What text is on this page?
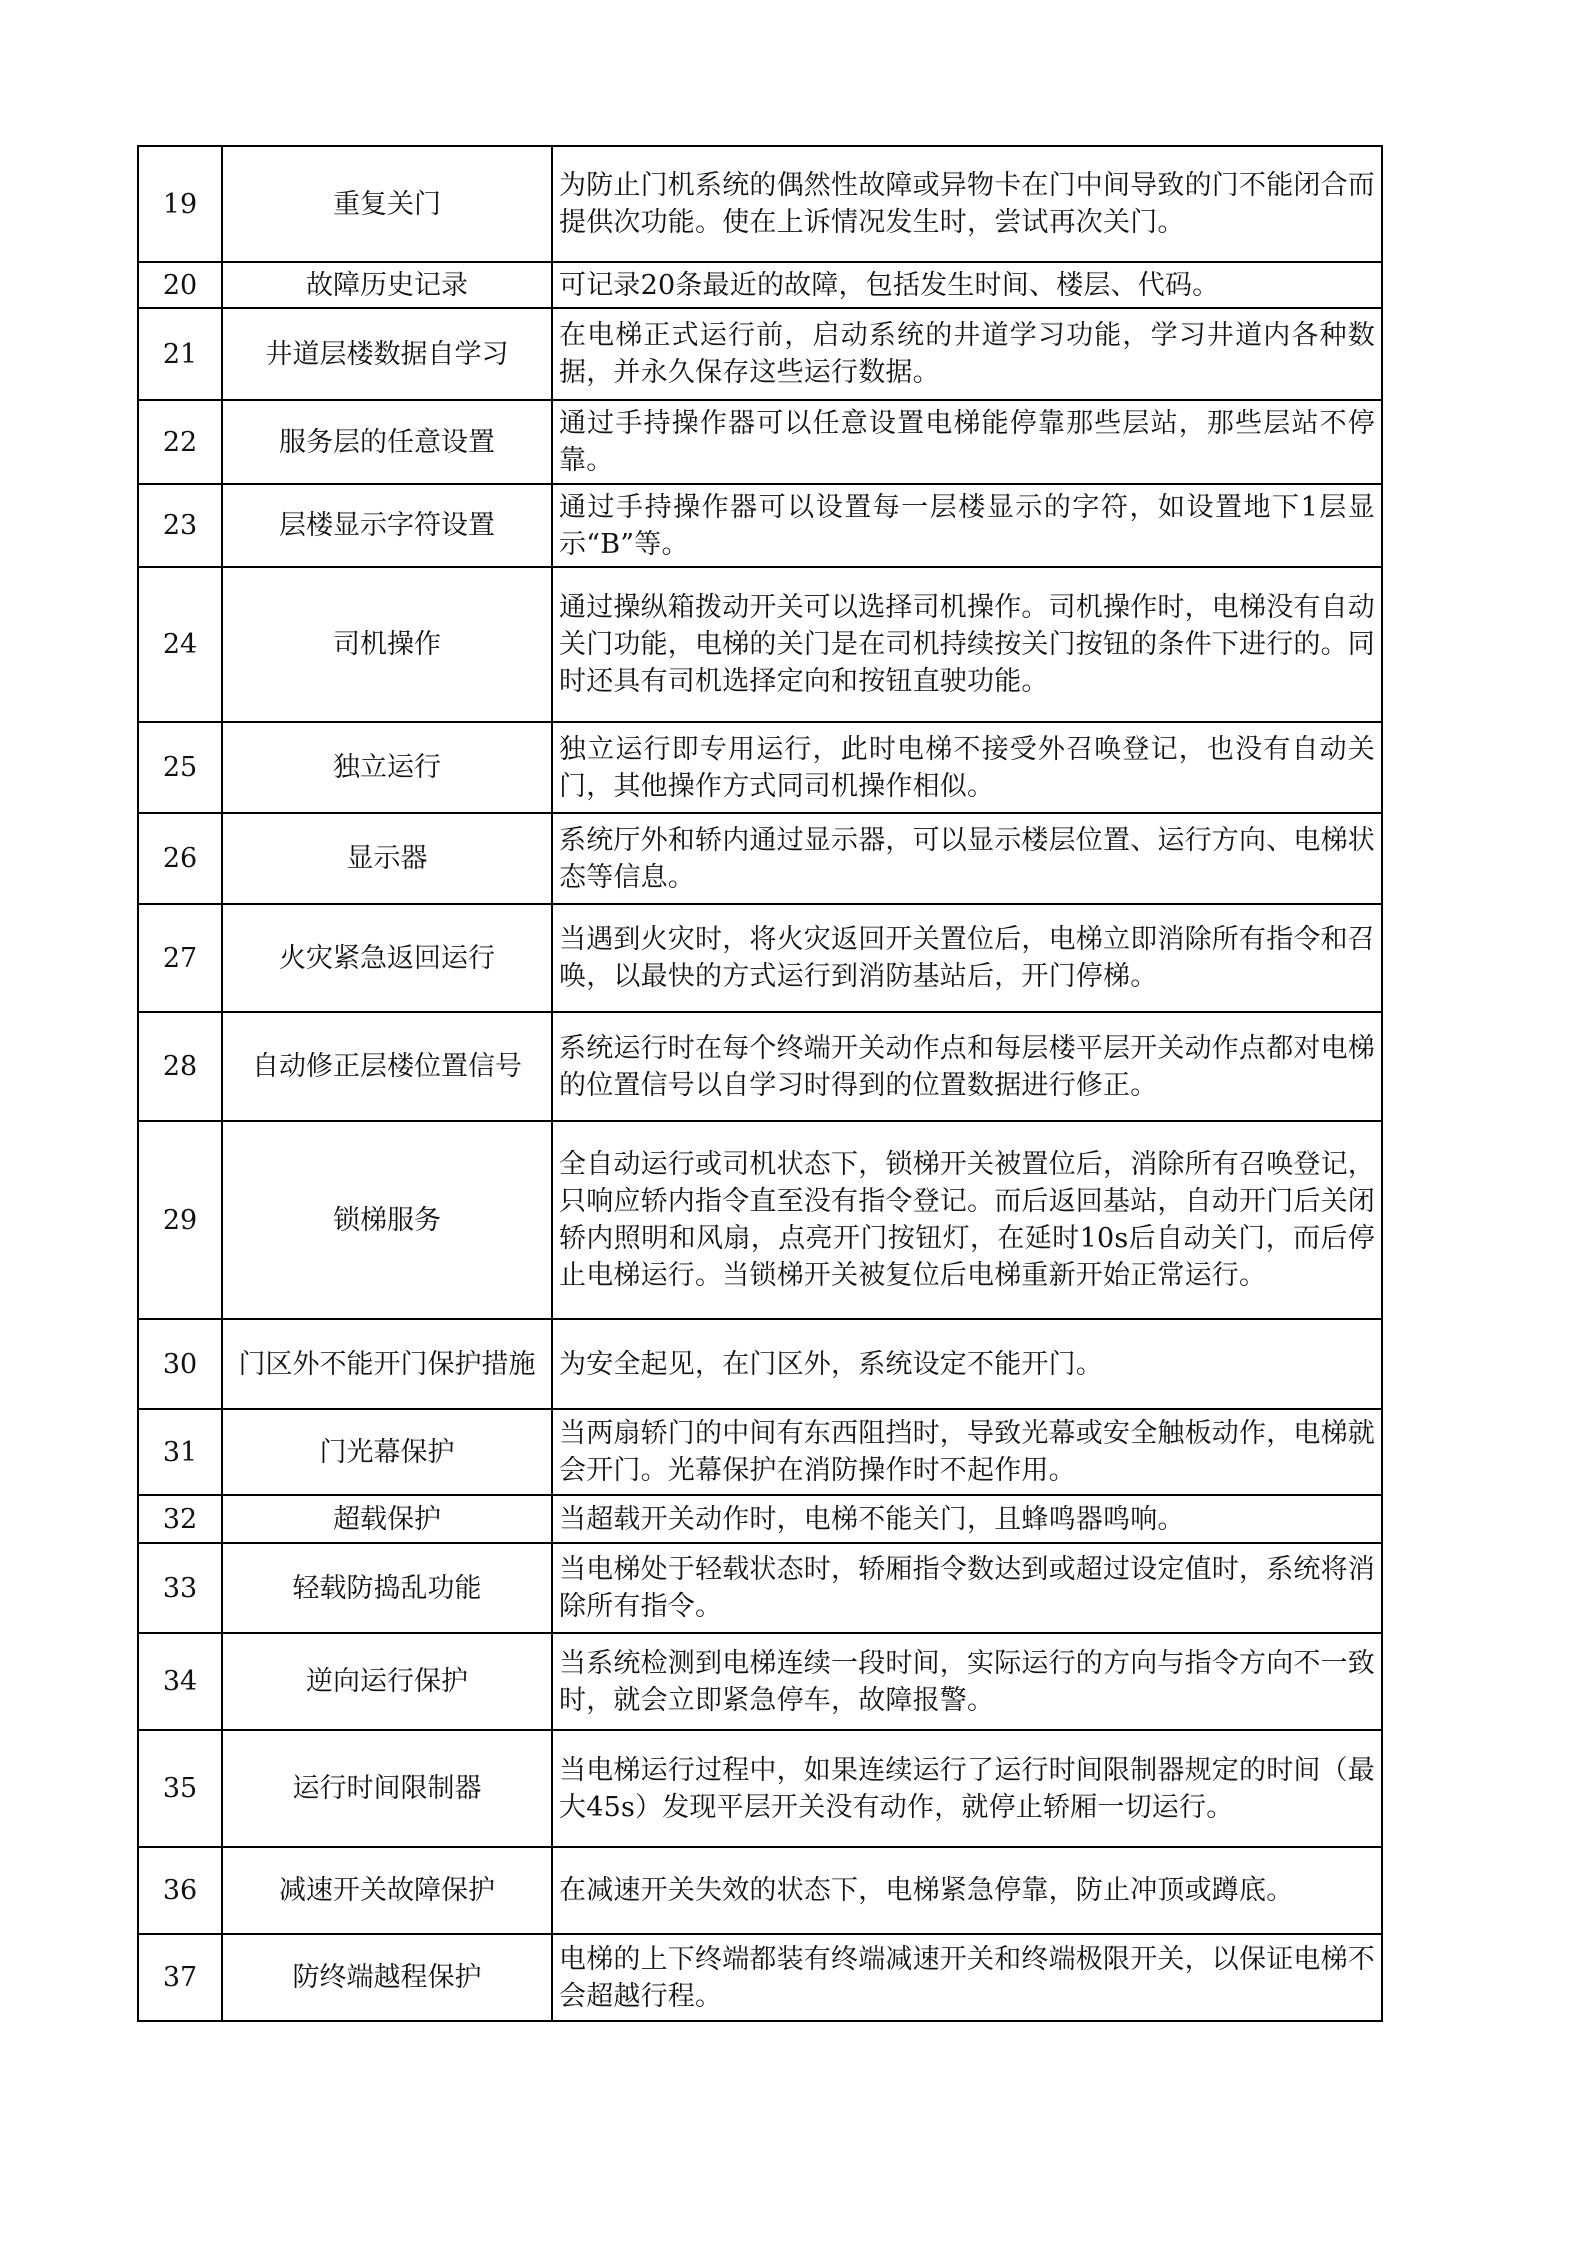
19	重复关门	为防止门机系统的偶然性故障或异物卡在门中间导致的门不能闭合而提供次功能。使在上诉情况发生时，尝试再次关门。
20	故障历史记录	可记录20条最近的故障，包括发生时间、楼层、代码。
21	井道层楼数据自学习	在电梯正式运行前，启动系统的井道学习功能，学习井道内各种数据，并永久保存这些运行数据。
22	服务层的任意设置	通过手持操作器可以任意设置电梯能停靠那些层站，那些层站不停靠。
23	层楼显示字符设置	通过手持操作器可以设置每一层楼显示的字符，如设置地下1层显示“B”等。
24	司机操作	通过操纵箱拨动开关可以选择司机操作。司机操作时，电梯没有自动关门功能，电梯的关门是在司机持续按关门按钮的条件下进行的。同时还具有司机选择定向和按钮直驶功能。
25	独立运行	独立运行即专用运行，此时电梯不接受外召唤登记，也没有自动关门，其他操作方式同司机操作相似。
26	显示器	系统厅外和轿内通过显示器，可以显示楼层位置、运行方向、电梯状态等信息。
27	火灾紧急返回运行	当遇到火灾时，将火灾返回开关置位后，电梯立即消除所有指令和召唤，以最快的方式运行到消防基站后，开门停梯。
28	自动修正层楼位置信号	系统运行时在每个终端开关动作点和每层楼平层开关动作点都对电梯的位置信号以自学习时得到的位置数据进行修正。
29	锁梯服务	全自动运行或司机状态下，锁梯开关被置位后，消除所有召唤登记，只响应轿内指令直至没有指令登记。而后返回基站，自动开门后关闭轿内照明和风扇，点亮开门按钮灯，在延时10s后自动关门，而后停止电梯运行。当锁梯开关被复位后电梯重新开始正常运行。
30	门区外不能开门保护措施	为安全起见，在门区外，系统设定不能开门。
31	门光幕保护	当两扇轿门的中间有东西阻挡时，导致光幕或安全触板动作，电梯就会开门。光幕保护在消防操作时不起作用。
32	超载保护	当超载开关动作时，电梯不能关门，且蜂鸣器鸣响。
33	轻载防捣乱功能	当电梯处于轻载状态时，轿厢指令数达到或超过设定值时，系统将消除所有指令。
34	逆向运行保护	当系统检测到电梯连续一段时间，实际运行的方向与指令方向不一致时，就会立即紧急停车，故障报警。
35	运行时间限制器	当电梯运行过程中，如果连续运行了运行时间限制器规定的时间（最大45s）发现平层开关没有动作，就停止轿厢一切运行。
36	减速开关故障保护	在减速开关失效的状态下，电梯紧急停靠，防止冲顶或蹲底。
37	防终端越程保护	电梯的上下终端都装有终端减速开关和终端极限开关，以保证电梯不会超越行程。
